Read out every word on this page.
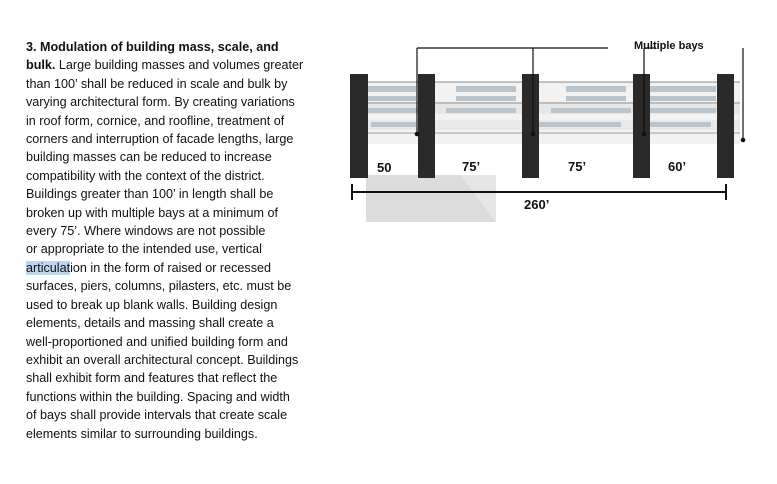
3. Modulation of building mass, scale, and
bulk. Large building masses and volumes greater
than 100’ shall be reduced in scale and bulk by
varying architectural form. By creating variations
in roof form, cornice, and roofline, treatment of
corners and interruption of facade lengths, large
building masses can be reduced to increase
compatibility with the context of the district.
Buildings greater than 100’ in length shall be
broken up with multiple bays at a minimum of
every 75’. Where windows are not possible
or appropriate to the intended use, vertical
articulation in the form of raised or recessed
surfaces, piers, columns, pilasters, etc. must be
used to break up blank walls. Building design
elements, details and massing shall create a
well-proportioned and unified building form and
exhibit an overall architectural concept. Buildings
shall exhibit form and features that reflect the
functions within the building. Spacing and width
of bays shall provide intervals that create scale
elements similar to surrounding buildings.
50	75’	75’	60’
Multiple bays
260’
